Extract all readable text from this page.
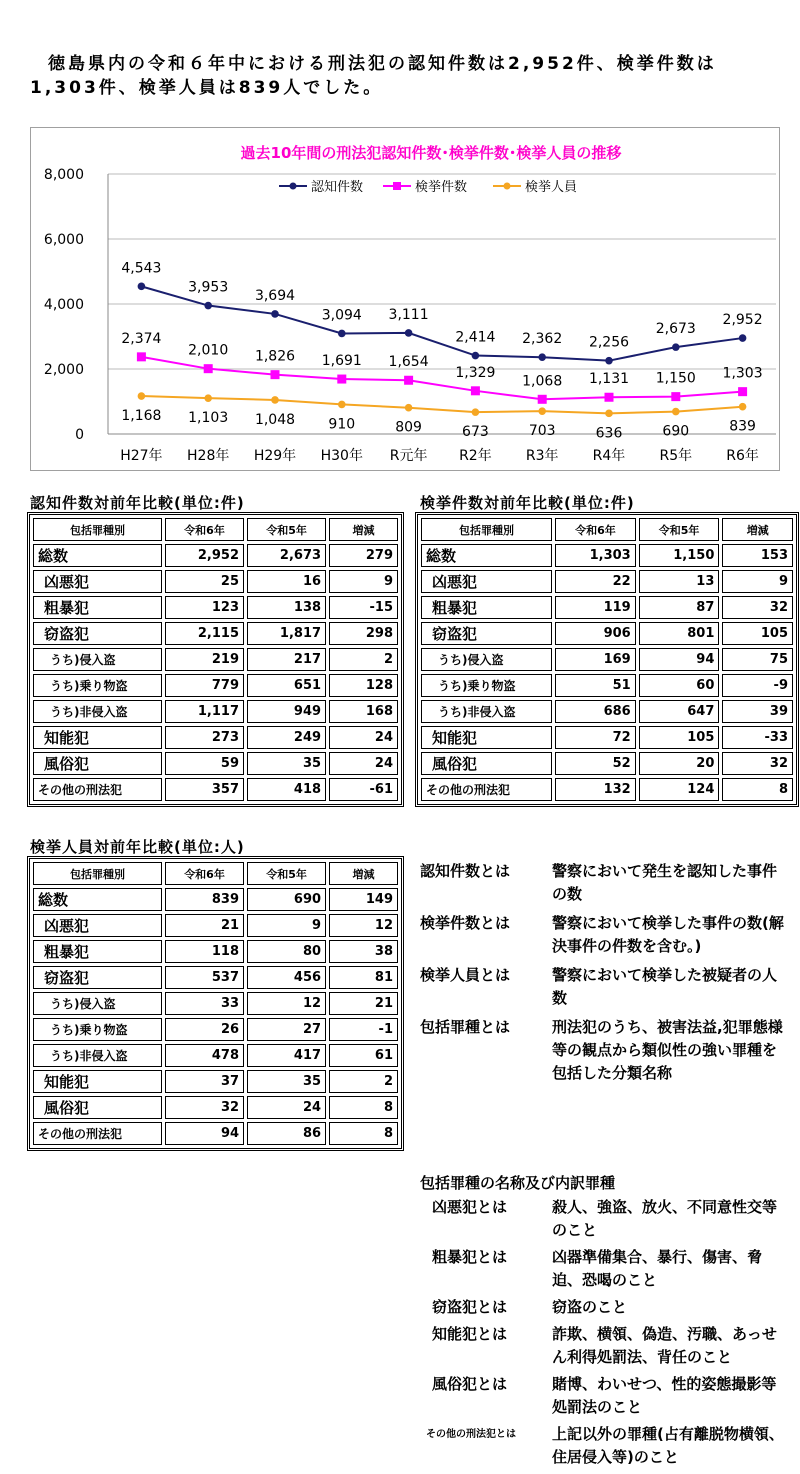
徳島県内の令和６年中における刑法犯の認知件数は2,952件、検挙件数は
1,303件、検挙人員は839人でした。
過去10年間の刑法犯認知件数･検挙件数･検挙人員の推移
0
2,000
4,000
6,000
8,000
H27年 H28年 H29年 H30年 R元年 R2年 R3年 R4年 R5年 R6年
認知件数	検挙件数	検挙人員
4,543
3,953
3,694
3,094 3,111
2,414 2,362 2,256
2,673
2,952
2,374
2,010 1,826 1,691 1,654
1,329
1,068 1,131 1,150 1,303
1,168 1,103 1,048 910	809	673	703	636	690	839
認知件数対前年比較(単位:件)
包括罪種別	令和6年	令和5年	増減
総数	2,952	2,673	279
凶悪犯	25	16	9
粗暴犯	123	138	-15
窃盗犯	2,115	1,817	298
うち)侵入盗	219	217	2
うち)乗り物盗	779	651	128
うち)非侵入盗	1,117	949	168
知能犯	273	249	24
風俗犯	59	35	24
その他の刑法犯	357	418	-61
検挙件数対前年比較(単位:件)
包括罪種別	令和6年	令和5年	増減
総数	1,303	1,150	153
凶悪犯	22	13	9
粗暴犯	119	87	32
窃盗犯	906	801	105
うち)侵入盗	169	94	75
うち)乗り物盗	51	60	-9
うち)非侵入盗	686	647	39
知能犯	72	105	-33
風俗犯	52	20	32
その他の刑法犯	132	124	8
検挙人員対前年比較(単位:人)
包括罪種別	令和6年	令和5年	増減
総数	839	690	149
凶悪犯	21	9	12
粗暴犯	118	80	38
窃盗犯	537	456	81
うち)侵入盗	33	12	21
うち)乗り物盗	26	27	-1
うち)非侵入盗	478	417	61
知能犯	37	35	2
風俗犯	32	24	8
その他の刑法犯	94	86	8
認知件数とは	警察において発生を認知した事件の数
検挙件数とは	警察において検挙した事件の数(解決事件の件数を含む。)
検挙人員とは	警察において検挙した被疑者の人数
包括罪種とは	刑法犯のうち、被害法益,犯罪態様等の観点から類似性の強い罪種を包括した分類名称
包括罪種の名称及び内訳罪種
凶悪犯とは	殺人、強盗、放火、不同意性交等のこと
粗暴犯とは	凶器準備集合、暴行、傷害、脅迫、恐喝のこと
窃盗犯とは	窃盗のこと
知能犯とは	詐欺、横領、偽造、汚職、あっせん利得処罰法、背任のこと
風俗犯とは	賭博、わいせつ、性的姿態撮影等処罰法のこと
その他の刑法犯とは	上記以外の罪種(占有離脱物横領、住居侵入等)のこと
